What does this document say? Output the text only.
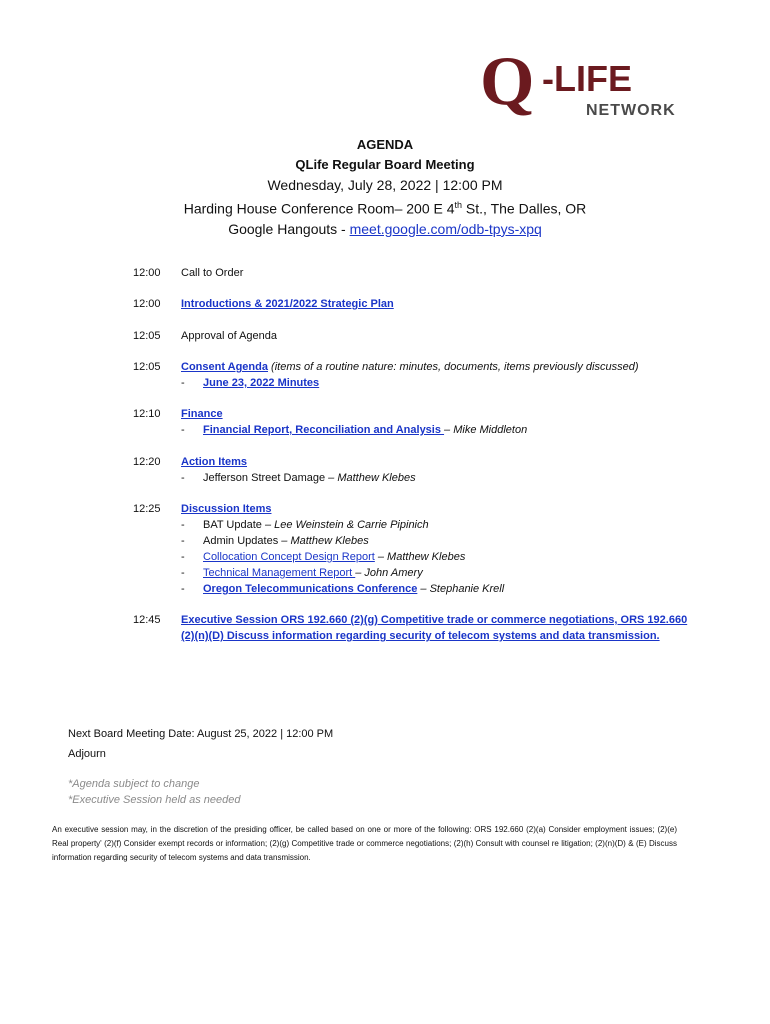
Q -LIFE
NETWORK
AGENDA
QLife Regular Board Meeting
Wednesday, July 28, 2022 | 12:00 PM
Harding House Conference Room– 200 E 4th St., The Dalles, OR
Google Hangouts - meet.google.com/odb-tpys-xpq
12:00	Call to Order
12:00	Introductions & 2021/2022 Strategic Plan
12:05	Approval of Agenda
12:05	Consent Agenda (items of a routine nature: minutes, documents, items previously discussed)
- June 23, 2022 Minutes
12:10	Finance
- Financial Report, Reconciliation and Analysis – Mike Middleton
12:20	Action Items
- Jefferson Street Damage – Matthew Klebes
12:25	Discussion Items
- BAT Update – Lee Weinstein & Carrie Pipinich
- Admin Updates – Matthew Klebes
- Collocation Concept Design Report – Matthew Klebes
- Technical Management Report – John Amery
- Oregon Telecommunications Conference – Stephanie Krell
12:45	Executive Session ORS 192.660 (2)(g) Competitive trade or commerce negotiations, ORS 192.660
(2)(n)(D) Discuss information regarding security of telecom systems and data transmission.
Next Board Meeting Date: August 25, 2022 | 12:00 PM
Adjourn
*Agenda subject to change
*Executive Session held as needed
An executive session may, in the discretion of the presiding officer, be called based on one or more of the following: ORS 192.660 (2)(a) Consider employment issues; (2)(e) Real property' (2)(f) Consider exempt records or information; (2)(g) Competitive trade or commerce negotiations; (2)(h) Consult with counsel re litigation; (2)(n)(D) & (E) Discuss information regarding security of telecom systems and data transmission.
